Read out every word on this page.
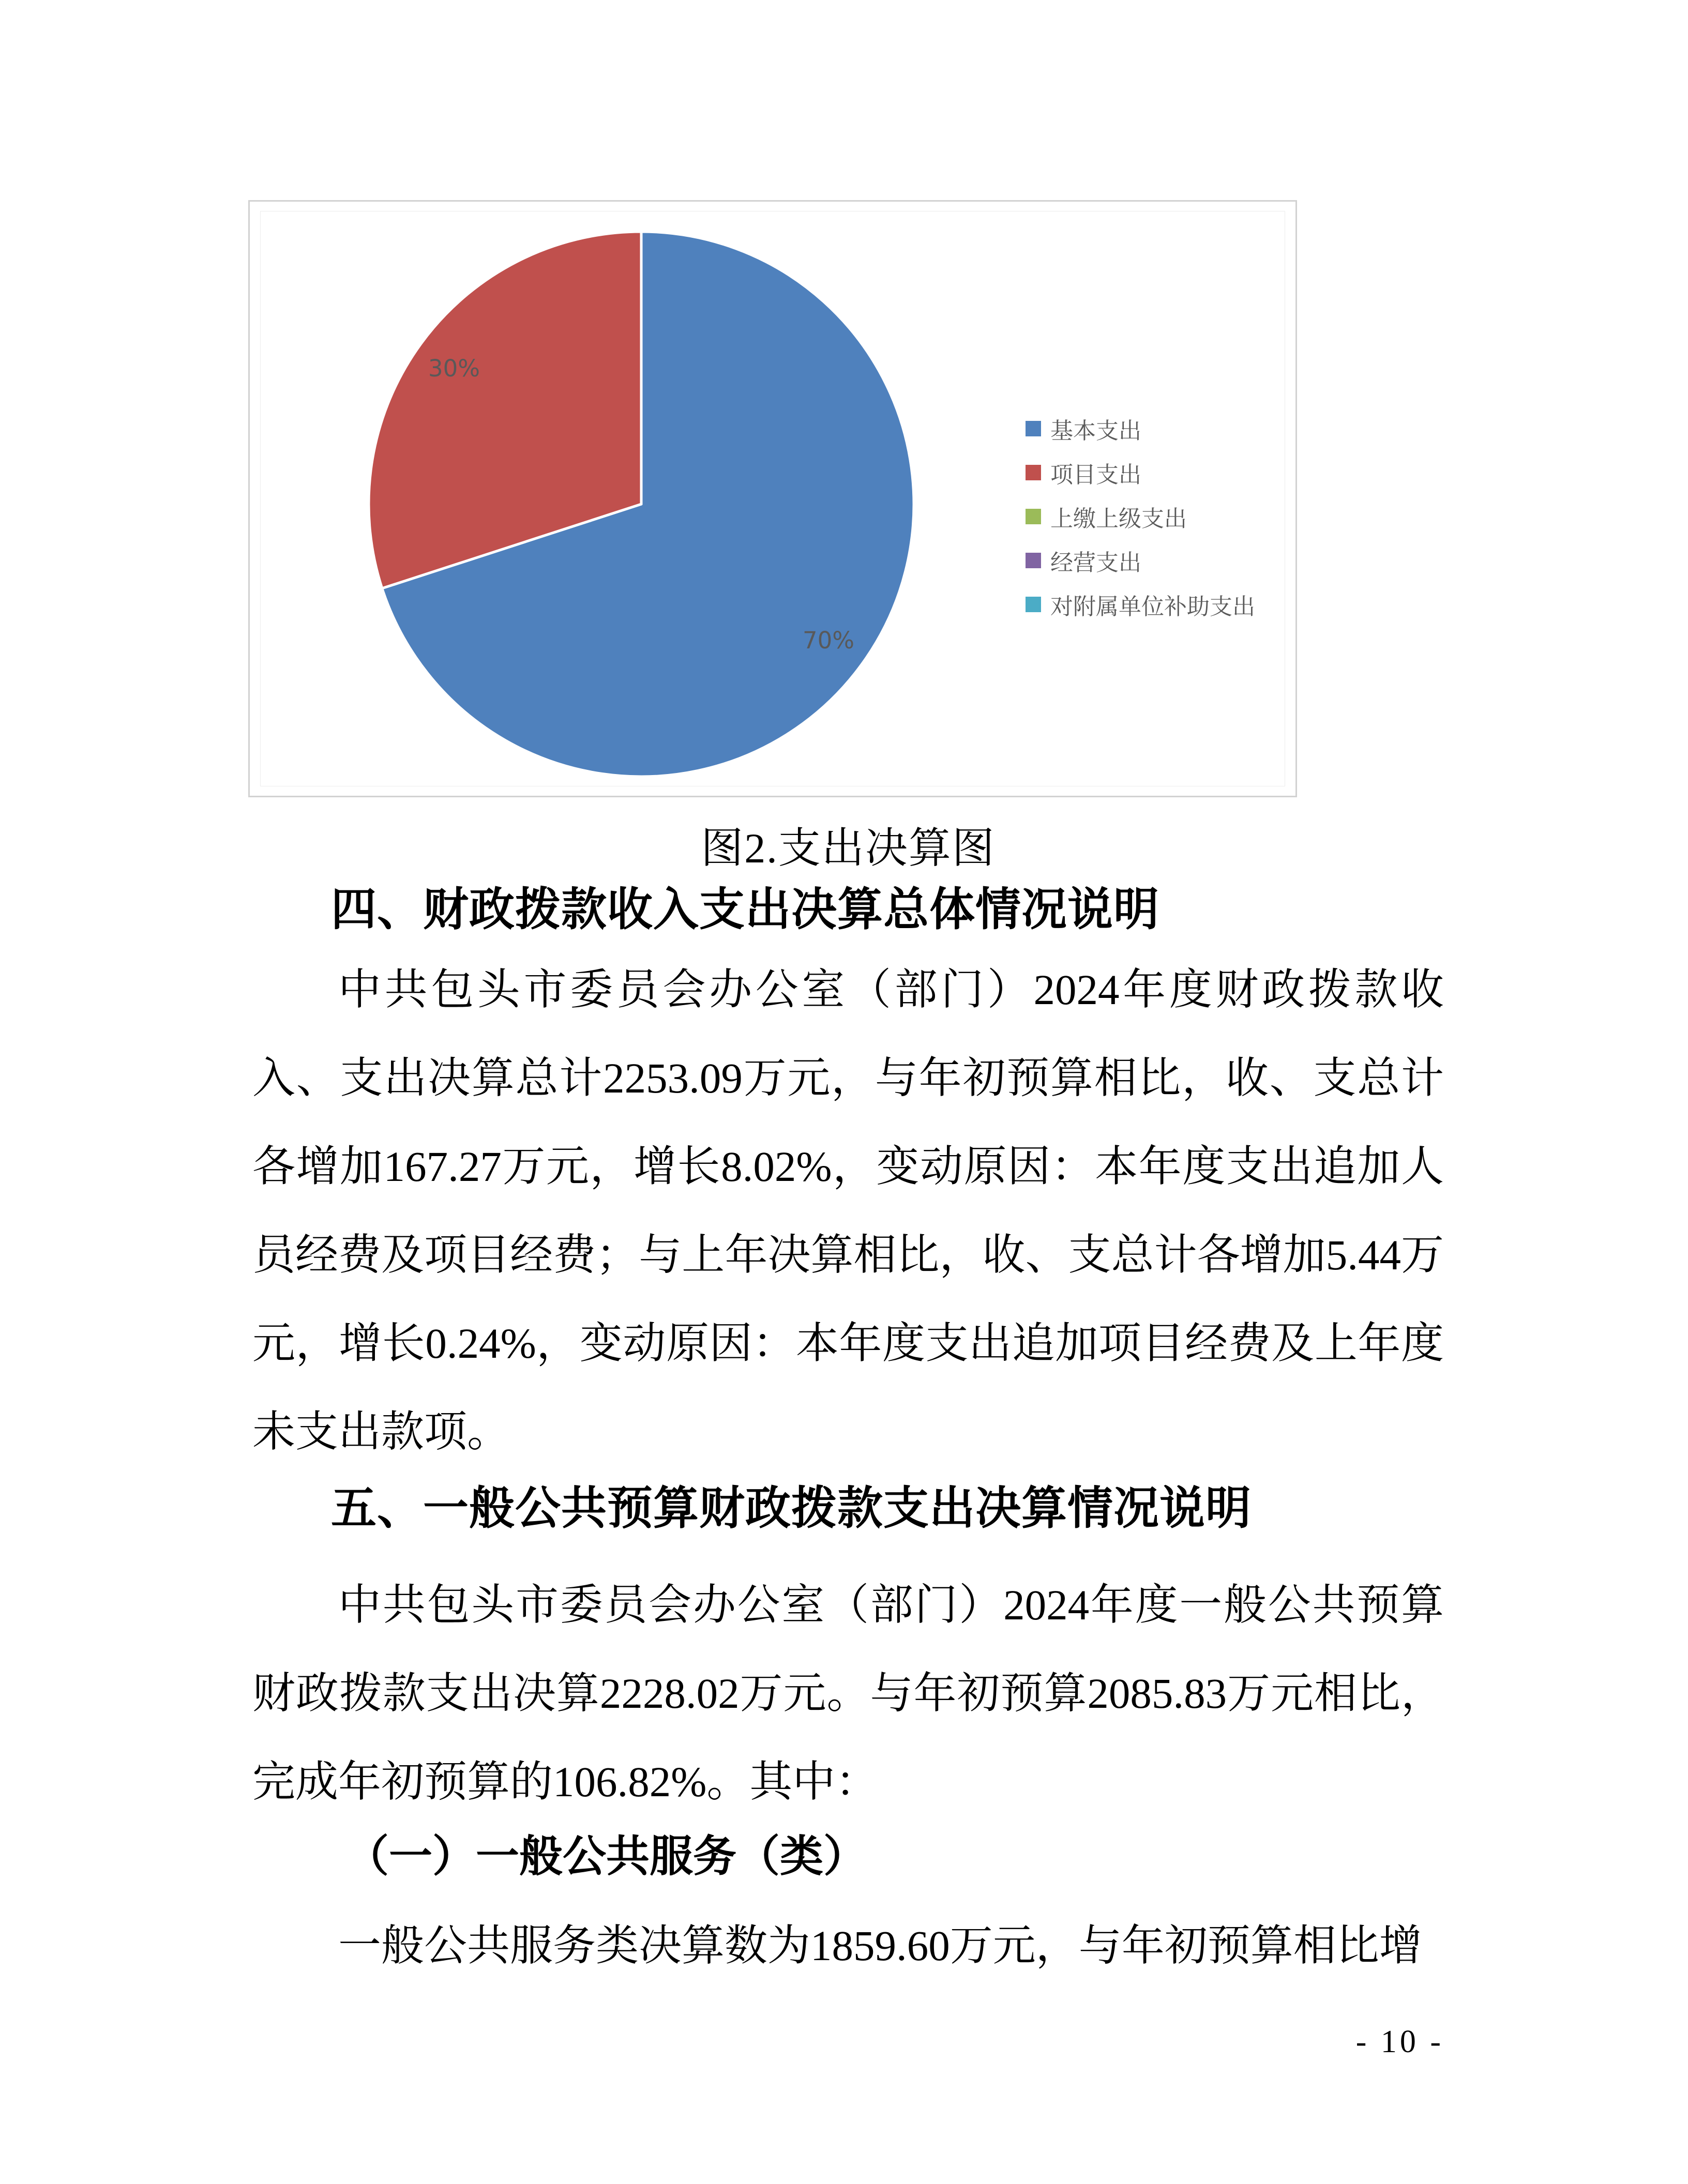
70%
30%
基本支出
项目支出
上缴上级支出
经营支出
对附属单位补助支出
图2.支出决算图
四、财政拨款收入支出决算总体情况说明

中共包头市委员会办公室（部门）2024年度财政拨款收入、支出决算总计2253.09万元，与年初预算相比，收、支总计各增加167.27万元，增长8.02%，变动原因：本年度支出追加人员经费及项目经费；与上年决算相比，收、支总计各增加5.44万元，增长0.24%，变动原因：本年度支出追加项目经费及上年度未支出款项。

五、一般公共预算财政拨款支出决算情况说明

中共包头市委员会办公室（部门）2024年度一般公共预算财政拨款支出决算2228.02万元。与年初预算2085.83万元相比，完成年初预算的106.82%。其中：

（一）一般公共服务（类）

一般公共服务类决算数为1859.60万元，与年初预算相比增

- 10 -
